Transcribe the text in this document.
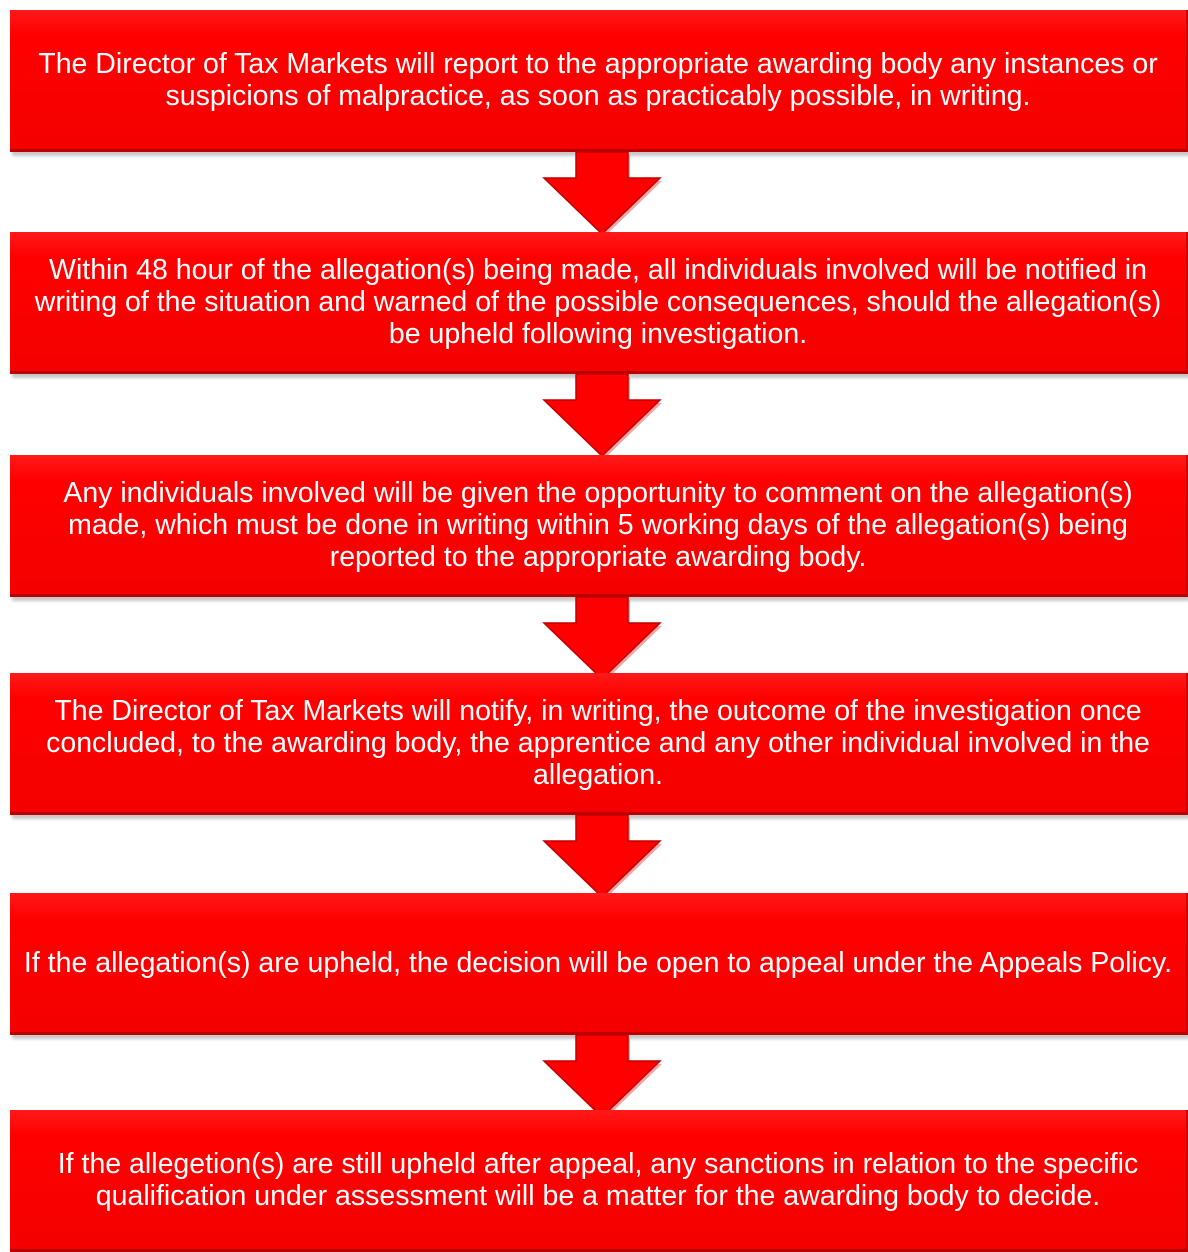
The Director of Tax Markets will report to the appropriate awarding body any instances or suspicions of malpractice, as soon as practicably possible, in writing.
Within 48 hour of the allegation(s) being made, all individuals involved will be notified in writing of the situation and warned of the possible consequences, should the allegation(s) be upheld following investigation.
Any individuals involved will be given the opportunity to comment on the allegation(s) made, which must be done in writing within 5 working days of the allegation(s) being reported to the appropriate awarding body.
The Director of Tax Markets will notify, in writing, the outcome of the investigation once concluded, to the awarding body, the apprentice and any other individual involved in the allegation.
If the allegation(s) are upheld, the decision will be open to appeal under the Appeals Policy.
If the allegetion(s) are still upheld after appeal, any sanctions in relation to the specific qualification under assessment will be a matter for the awarding body to decide.
